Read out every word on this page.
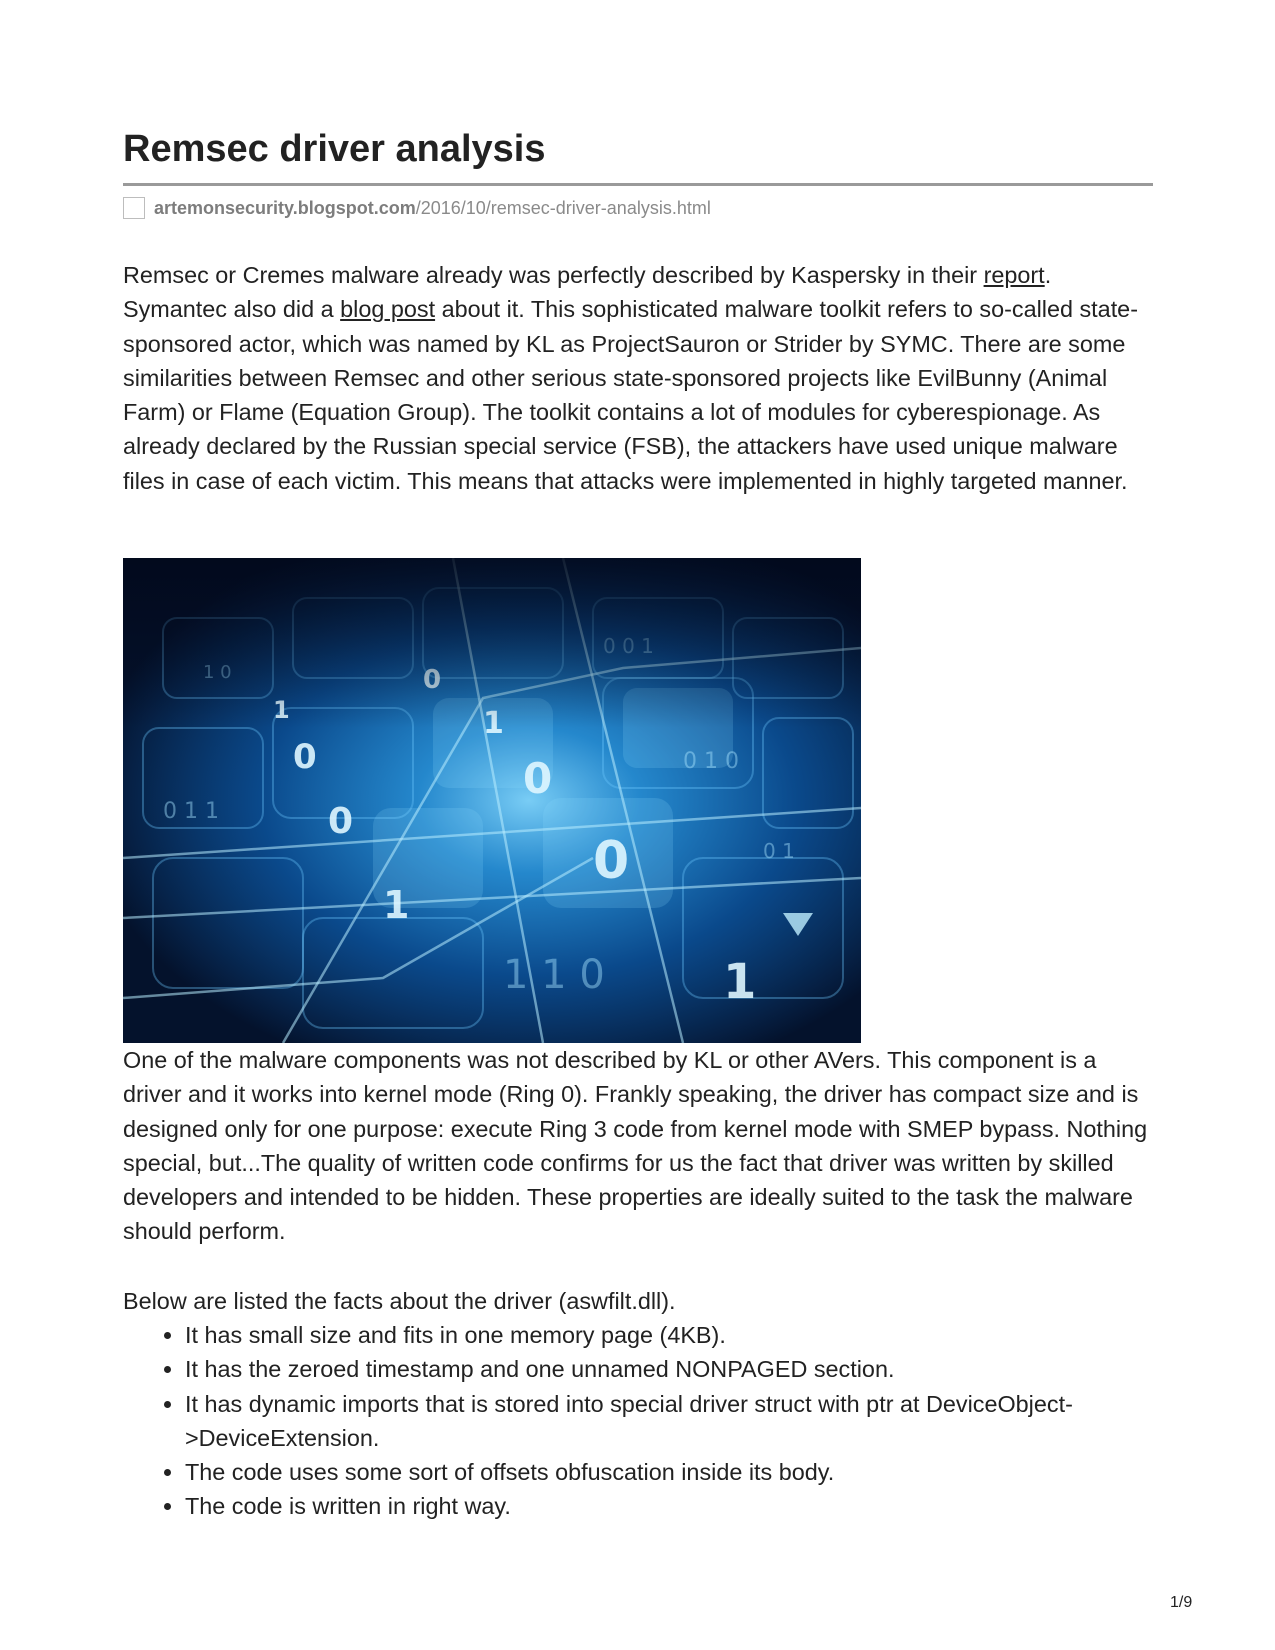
Remsec driver analysis
artemonsecurity.blogspot.com/2016/10/remsec-driver-analysis.html

Remsec or Cremes malware already was perfectly described by Kaspersky in their report. Symantec also did a blog post about it. This sophisticated malware toolkit refers to so-called state-sponsored actor, which was named by KL as ProjectSauron or Strider by SYMC. There are some similarities between Remsec and other serious state-sponsored projects like EvilBunny (Animal Farm) or Flame (Equation Group). The toolkit contains a lot of modules for cyberespionage. As already declared by the Russian special service (FSB), the attackers have used unique malware files in case of each victim. This means that attacks were implemented in highly targeted manner.

One of the malware components was not described by KL or other AVers. This component is a driver and it works into kernel mode (Ring 0). Frankly speaking, the driver has compact size and is designed only for one purpose: execute Ring 3 code from kernel mode with SMEP bypass. Nothing special, but...The quality of written code confirms for us the fact that driver was written by skilled developers and intended to be hidden. These properties are ideally suited to the task the malware should perform.

Below are listed the facts about the driver (aswfilt.dll).

• It has small size and fits in one memory page (4KB).
• It has the zeroed timestamp and one unnamed NONPAGED section.
• It has dynamic imports that is stored into special driver struct with ptr at DeviceObject->DeviceExtension.
• The code uses some sort of offsets obfuscation inside its body.
• The code is written in right way.
1/9
